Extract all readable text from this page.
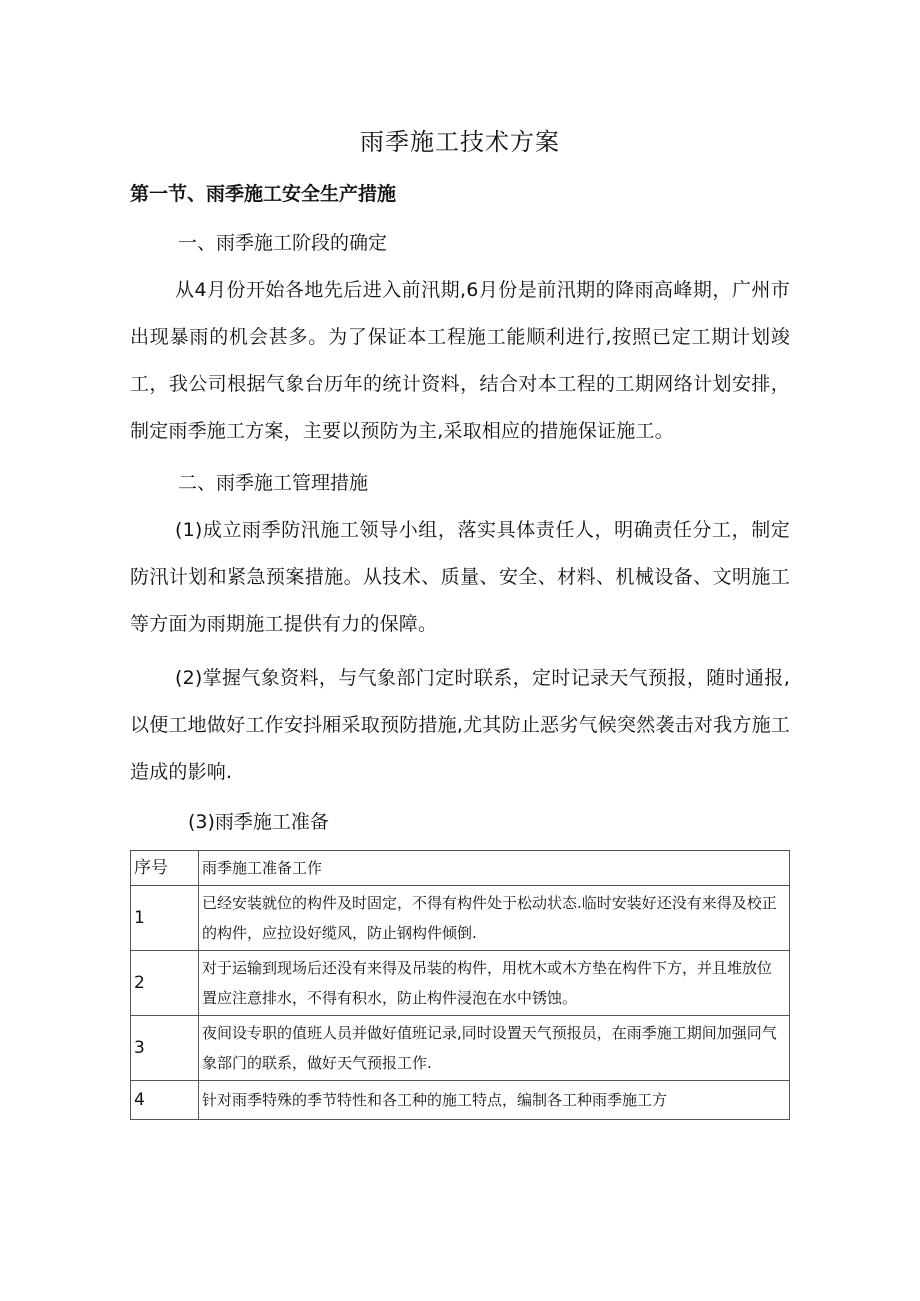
雨季施工技术方案
第一节、雨季施工安全生产措施
一、雨季施工阶段的确定
从4月份开始各地先后进入前汛期,6月份是前汛期的降雨高峰期，广州市出现暴雨的机会甚多。为了保证本工程施工能顺利进行,按照已定工期计划竣工，我公司根据气象台历年的统计资料，结合对本工程的工期网络计划安排，制定雨季施工方案，主要以预防为主,采取相应的措施保证施工。
二、雨季施工管理措施
(1)成立雨季防汛施工领导小组，落实具体责任人，明确责任分工，制定防汛计划和紧急预案措施。从技术、质量、安全、材料、机械设备、文明施工等方面为雨期施工提供有力的保障。
(2)掌握气象资料，与气象部门定时联系，定时记录天气预报，随时通报,以便工地做好工作安抖厢采取预防措施,尤其防止恶劣气候突然袭击对我方施工造成的影响.
(3)雨季施工准备
序号	雨季施工准备工作
1	已经安装就位的构件及时固定，不得有构件处于松动状态.临时安装好还没有来得及校正的构件，应拉设好缆风，防止钢构件倾倒.
2	对于运输到现场后还没有来得及吊装的构件，用枕木或木方垫在构件下方，并且堆放位置应注意排水，不得有积水，防止构件浸泡在水中锈蚀。
3	夜间设专职的值班人员并做好值班记录,同时设置天气预报员，在雨季施工期间加强同气象部门的联系，做好天气预报工作.
4	针对雨季特殊的季节特性和各工种的施工特点，编制各工种雨季施工方
